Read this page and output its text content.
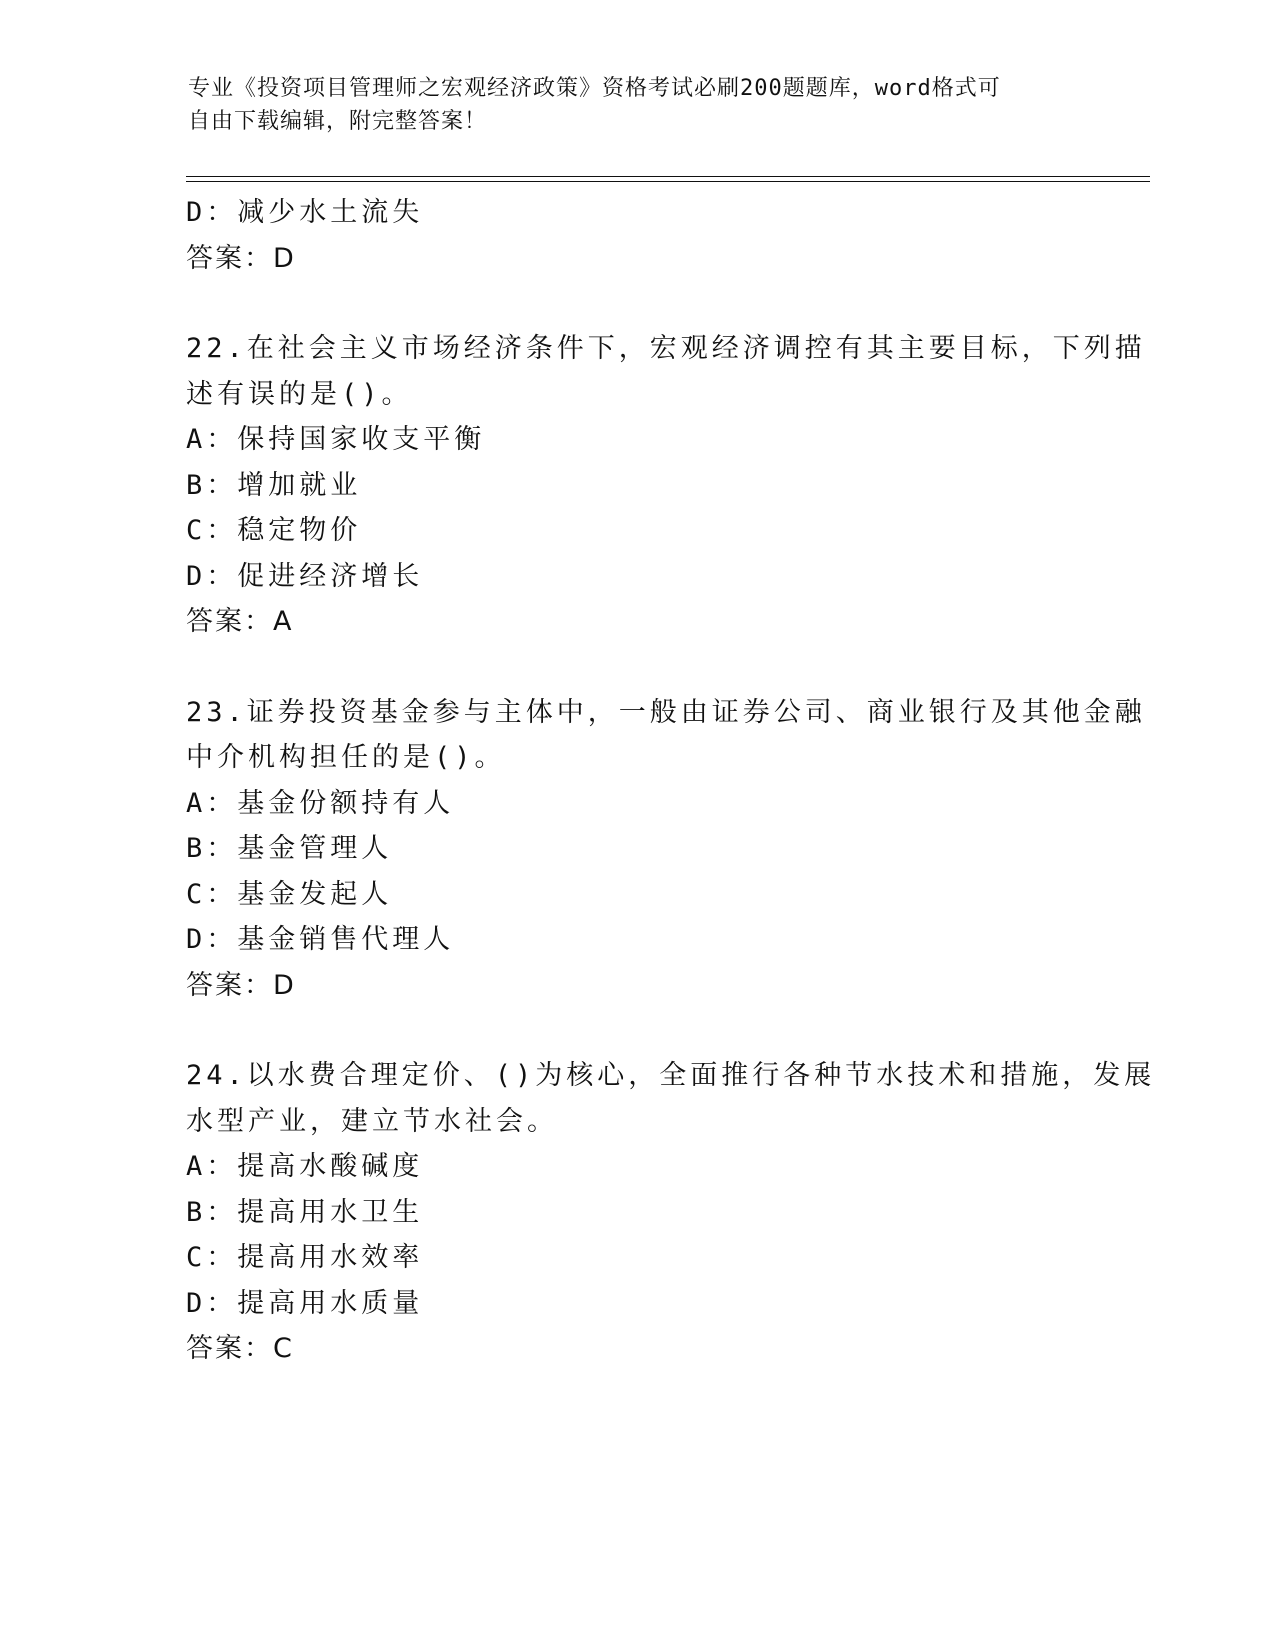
专业《投资项目管理师之宏观经济政策》资格考试必刷200题题库，word格式可
自由下载编辑，附完整答案！
D：减少水土流失
答案：D
22.在社会主义市场经济条件下，宏观经济调控有其主要目标，下列描
述有误的是()。
A：保持国家收支平衡
B：增加就业
C：稳定物价
D：促进经济增长
答案：A
23.证券投资基金参与主体中，一般由证券公司、商业银行及其他金融
中介机构担任的是()。
A：基金份额持有人
B：基金管理人
C：基金发起人
D：基金销售代理人
答案：D
24.以水费合理定价、()为核心，全面推行各种节水技术和措施，发展
水型产业，建立节水社会。
A：提高水酸碱度
B：提高用水卫生
C：提高用水效率
D：提高用水质量
答案：C
